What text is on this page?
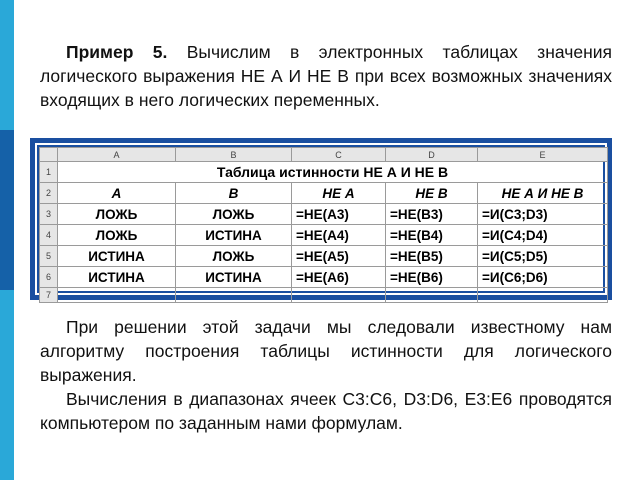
Пример 5. Вычислим в электронных таблицах значения логического выражения НЕ А И НЕ В при всех возможных значениях входящих в него логических переменных.

	A	B	C	D	E
1	Таблица истинности НЕ А И НЕ В				
2	А	В	НЕ А	НЕ В	НЕ А И НЕ В
3	ЛОЖЬ	ЛОЖЬ	=НЕ(А3)	=НЕ(В3)	=И(С3;D3)
4	ЛОЖЬ	ИСТИНА	=НЕ(А4)	=НЕ(В4)	=И(С4;D4)
5	ИСТИНА	ЛОЖЬ	=НЕ(А5)	=НЕ(В5)	=И(С5;D5)
6	ИСТИНА	ИСТИНА	=НЕ(А6)	=НЕ(В6)	=И(С6;D6)
7					

При решении этой задачи мы следовали известному нам алгоритму построения таблицы истинности для логического выражения.

Вычисления в диапазонах ячеек С3:С6, D3:D6, Е3:Е6 проводятся компьютером по заданным нами формулам.
